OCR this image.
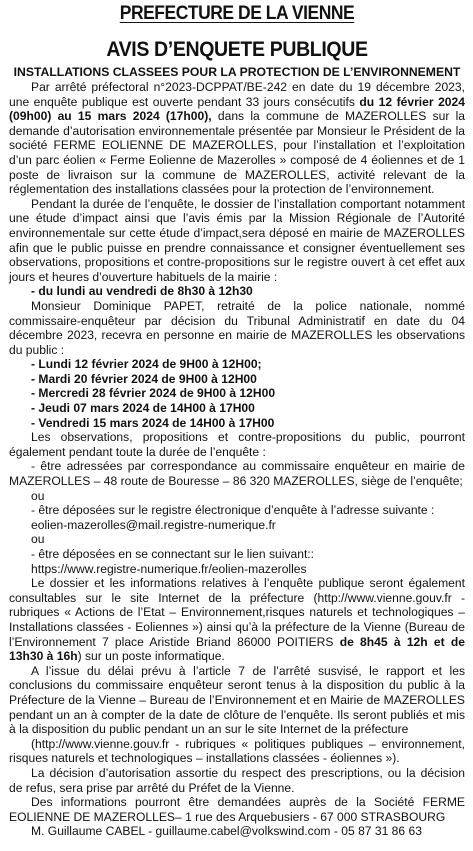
PREFECTURE DE LA VIENNE
AVIS D’ENQUETE PUBLIQUE
INSTALLATIONS CLASSEES POUR LA PROTECTION DE L’ENVIRONNEMENT

Par arrêté préfectoral n°2023-DCPPAT/BE-242 en date du 19 décembre 2023, une enquête publique est ouverte pendant 33 jours consécutifs du 12 février 2024 (09h00) au 15 mars 2024 (17h00), dans la commune de MAZEROLLES sur la demande d’autorisation environnementale présentée par Monsieur le Président de la société FERME EOLIENNE DE MAZEROLLES, pour l’installation et l’exploitation d’un parc éolien « Ferme Eolienne de Mazerolles » composé de 4 éoliennes et de 1 poste de livraison sur la commune de MAZEROLLES, activité relevant de la réglementation des installations classées pour la protection de l’environnement.

Pendant la durée de l’enquête, le dossier de l’installation comportant notamment une étude d’impact ainsi que l’avis émis par la Mission Régionale de l’Autorité environnementale sur cette étude d’impact,sera déposé en mairie de MAZEROLLES afin que le public puisse en prendre connaissance et consigner éventuellement ses observations, propositions et contre-propositions sur le registre ouvert à cet effet aux jours et heures d’ouverture habituels de la mairie :

- du lundi au vendredi de 8h30 à 12h30

Monsieur Dominique PAPET, retraité de la police nationale, nommé commissaire-enquêteur par décision du Tribunal Administratif en date du 04 décembre 2023, recevra en personne en mairie de MAZEROLLES les observations du public :

- Lundi 12 février 2024 de 9H00 à 12H00;

- Mardi 20 février 2024 de 9H00 à 12H00

- Mercredi 28 février 2024 de 9H00 à 12H00

- Jeudi 07 mars 2024 de 14H00 à 17H00

- Vendredi 15 mars 2024 de 14H00 à 17H00

Les observations, propositions et contre-propositions du public, pourront également pendant toute la durée de l’enquête :

- être adressées par correspondance au commissaire enquêteur en mairie de MAZEROLLES – 48 route de Bouresse – 86 320 MAZEROLLES, siège de l’enquête;

ou

- être déposées sur le registre électronique d’enquête à l’adresse suivante :

eolien-mazerolles@mail.registre-numerique.fr

ou

- être déposées en se connectant sur le lien suivant::

https://www.registre-numerique.fr/eolien-mazerolles

Le dossier et les informations relatives à l’enquête publique seront également consultables sur le site Internet de la préfecture (http://www.vienne.gouv.fr - rubriques « Actions de l’Etat – Environnement,risques naturels et technologiques – Installations classées - Eoliennes ») ainsi qu’à la préfecture de la Vienne (Bureau de l’Environnement 7 place Aristide Briand 86000 POITIERS de 8h45 à 12h et de 13h30 à 16h) sur un poste informatique.

A l’issue du délai prévu à l’article 7 de l’arrêté susvisé, le rapport et les conclusions du commissaire enquêteur seront tenus à la disposition du public à la Préfecture de la Vienne – Bureau de l’Environnement et en Mairie de MAZEROLLES pendant un an à compter de la date de clôture de l’enquête. Ils seront publiés et mis à la disposition du public pendant un an sur le site Internet de la préfecture

(http://www.vienne.gouv.fr - rubriques « politiques publiques – environnement, risques naturels et technologiques – installations classées - éoliennes »).

La décision d’autorisation assortie du respect des prescriptions, ou la décision de refus, sera prise par arrêté du Préfet de la Vienne.

Des informations pourront être demandées auprès de la Société FERME EOLIENNE DE MAZEROLLES– 1 rue des Arquebusiers - 67 000 STRASBOURG

M. Guillaume CABEL - guillaume.cabel@volkswind.com - 05 87 31 86 63
